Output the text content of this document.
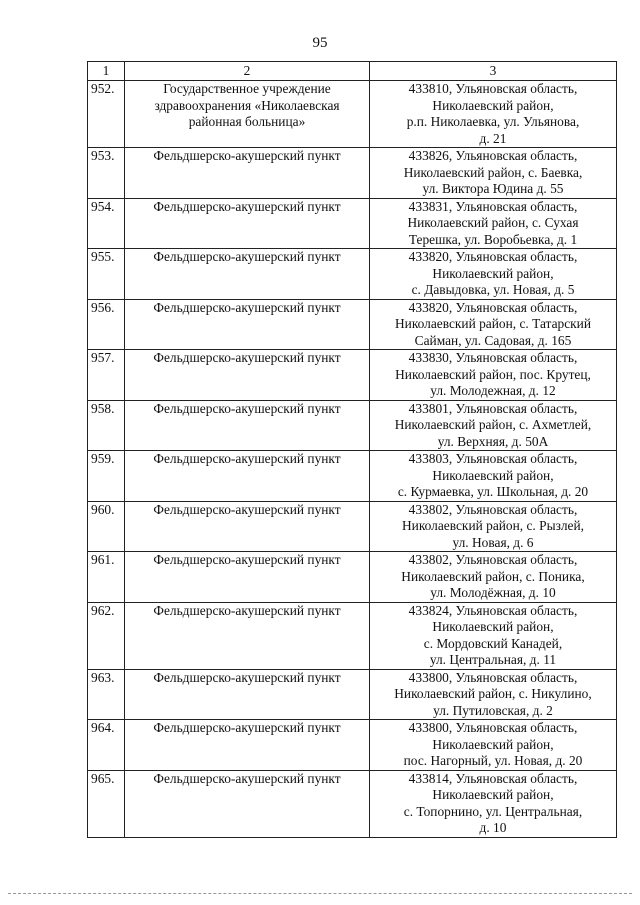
95
1	2	3
952.	Государственное учреждение
здравоохранения «Николаевская
районная больница»	433810, Ульяновская область,
Николаевский район,
р.п. Николаевка, ул. Ульянова,
д. 21

953.	Фельдшерско-акушерский пункт	433826, Ульяновская область,
Николаевский район, с. Баевка,
ул. Виктора Юдина д. 55

954.	Фельдшерско-акушерский пункт	433831, Ульяновская область,
Николаевский район, с. Сухая
Терешка, ул. Воробьевка, д. 1

955.	Фельдшерско-акушерский пункт	433820, Ульяновская область,
Николаевский район,
с. Давыдовка, ул. Новая, д. 5

956.	Фельдшерско-акушерский пункт	433820, Ульяновская область,
Николаевский район, с. Татарский
Сайман, ул. Садовая, д. 165

957.	Фельдшерско-акушерский пункт	433830, Ульяновская область,
Николаевский район, пос. Крутец,
ул. Молодежная, д. 12

958.	Фельдшерско-акушерский пункт	433801, Ульяновская область,
Николаевский район, с. Ахметлей,
ул. Верхняя, д. 50А

959.	Фельдшерско-акушерский пункт	433803, Ульяновская область,
Николаевский район,
с. Курмаевка, ул. Школьная, д. 20

960.	Фельдшерско-акушерский пункт	433802, Ульяновская область,
Николаевский район, с. Рызлей,
ул. Новая, д. 6

961.	Фельдшерско-акушерский пункт	433802, Ульяновская область,
Николаевский район, с. Поника,
ул. Молодёжная, д. 10

962.	Фельдшерско-акушерский пункт	433824, Ульяновская область,
Николаевский район,
с. Мордовский Канадей,
ул. Центральная, д. 11

963.	Фельдшерско-акушерский пункт	433800, Ульяновская область,
Николаевский район, с. Никулино,
ул. Путиловская, д. 2

964.	Фельдшерско-акушерский пункт	433800, Ульяновская область,
Николаевский район,
пос. Нагорный, ул. Новая, д. 20

965.	Фельдшерско-акушерский пункт	433814, Ульяновская область,
Николаевский район,
с. Топорнино, ул. Центральная,
д. 10
